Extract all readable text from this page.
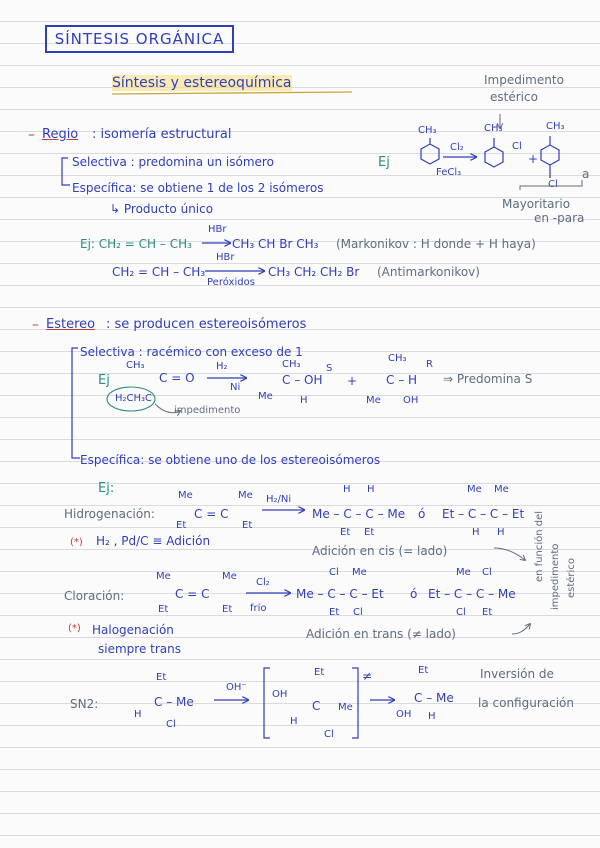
SÍNTESIS ORGÁNICA
Síntesis y estereoquímica	Impedimento
estérico
– Regio : isomería estructural
Selectiva : predomina un isómero	Ej
Específica: se obtiene 1 de los 2 isómeros
↳ Producto único
Ej: CH₂ = CH – CH₃
HBr
CH₃ CH Br CH₃ (Markonikov : H donde + H haya)
CH₂ = CH – CH₃
HBr
Peróxidos
CH₃ CH₂ CH₂ Br (Antimarkonikov)
CH₃
Cl₂
FeCl₃
CH₃
Cl
+
CH₃
Cl
Mayoritario
en -para
a
– Estereo : se producen estereoisómeros
Selectiva : racémico con exceso de 1
Ej
CH₃
C = O
H₂CH₃C
H₂
Ni
impedimento
CH₃	S
C – OH
Me	H
+
CH₃
R
C – H
Me OH
⇒ Predomina S
Específica: se obtiene uno de los estereoisómeros
Ej:
Hidrogenación:
Me	Me
C = C
Et	Et
H₂/Ni
H H
Me – C – C – Me
Et Et
ó
Me Me
Et – C – C – Et
H H
(*) H₂ , Pd/C ≡ Adición
Adición en cis (= lado)
Cloración:
Me	Me
C = C
Et	Et
Cl₂
frío
Cl Me
Me – C – C – Et
Et Cl
ó
Me Cl
Et – C – C – Me
Cl Et
(*) Halogenación
siempre trans
Adición en trans (≠ lado)
en función del impedimento estérico
SN2:
Et
C – Me
H
Cl
OH⁻
Et
OH
C Me
H
Cl
≠	Et
C – Me
OH H
Inversión de
la configuración
